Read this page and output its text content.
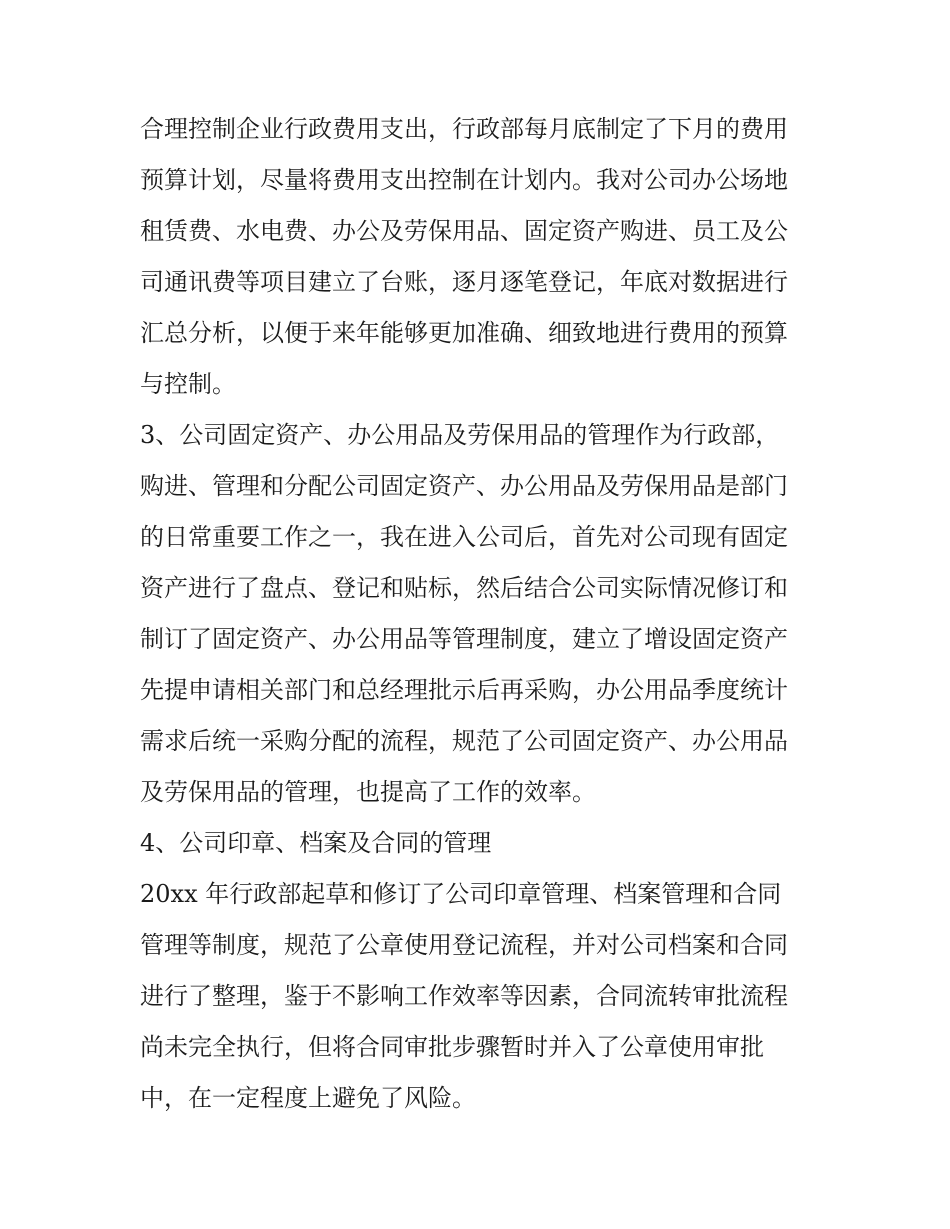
合理控制企业行政费用支出，行政部每月底制定了下月的费用
预算计划，尽量将费用支出控制在计划内。我对公司办公场地
租赁费、水电费、办公及劳保用品、固定资产购进、员工及公
司通讯费等项目建立了台账，逐月逐笔登记，年底对数据进行
汇总分析，以便于来年能够更加准确、细致地进行费用的预算
与控制。
3、公司固定资产、办公用品及劳保用品的管理作为行政部，
购进、管理和分配公司固定资产、办公用品及劳保用品是部门
的日常重要工作之一，我在进入公司后，首先对公司现有固定
资产进行了盘点、登记和贴标，然后结合公司实际情况修订和
制订了固定资产、办公用品等管理制度，建立了增设固定资产
先提申请相关部门和总经理批示后再采购，办公用品季度统计
需求后统一采购分配的流程，规范了公司固定资产、办公用品
及劳保用品的管理，也提高了工作的效率。
4、公司印章、档案及合同的管理
20xx 年行政部起草和修订了公司印章管理、档案管理和合同
管理等制度，规范了公章使用登记流程，并对公司档案和合同
进行了整理，鉴于不影响工作效率等因素，合同流转审批流程
尚未完全执行，但将合同审批步骤暂时并入了公章使用审批
中，在一定程度上避免了风险。
